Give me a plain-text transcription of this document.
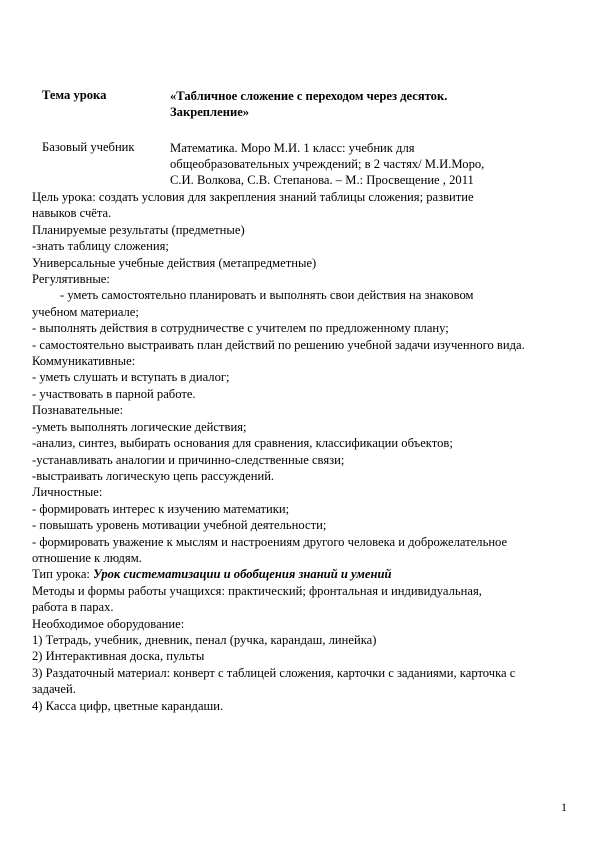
Тема урока	«Табличное сложение с переходом через десяток.
Закрепление»
Базовый учебник	Математика. Моро М.И. 1 класс: учебник для
общеобразовательных учреждений; в 2 частях/ М.И.Моро,
С.И. Волкова, С.В. Степанова. – М.: Просвещение , 2011
Цель урока: создать условия для закрепления знаний таблицы сложения; развитие
навыков счёта.
Планируемые результаты (предметные)
-знать таблицу сложения;
Универсальные учебные действия (метапредметные)
Регулятивные:
- уметь самостоятельно планировать и выполнять свои действия на знаковом
учебном материале;
- выполнять действия в сотрудничестве с учителем по предложенному плану;
- самостоятельно выстраивать план действий по решению учебной задачи изученного вида.
Коммуникативные:
- уметь слушать и вступать в диалог;
- участвовать в парной работе.
Познавательные:
-уметь выполнять логические действия;
-анализ, синтез, выбирать основания для сравнения, классификации объектов;
-устанавливать аналогии и причинно-следственные связи;
-выстраивать логическую цепь рассуждений.
Личностные:
- формировать интерес к изучению математики;
- повышать уровень мотивации учебной деятельности;
- формировать уважение к мыслям и настроениям другого человека и доброжелательное
отношение к людям.
Тип урока: Урок систематизации и обобщения знаний и умений
Методы и формы работы учащихся: практический; фронтальная и индивидуальная,
работа в парах.
Необходимое оборудование:
1) Тетрадь, учебник, дневник, пенал (ручка, карандаш, линейка)
2) Интерактивная доска, пульты
3) Раздаточный материал: конверт с таблицей сложения, карточки с заданиями, карточка с
задачей.
4) Касса цифр, цветные карандаши.
1
